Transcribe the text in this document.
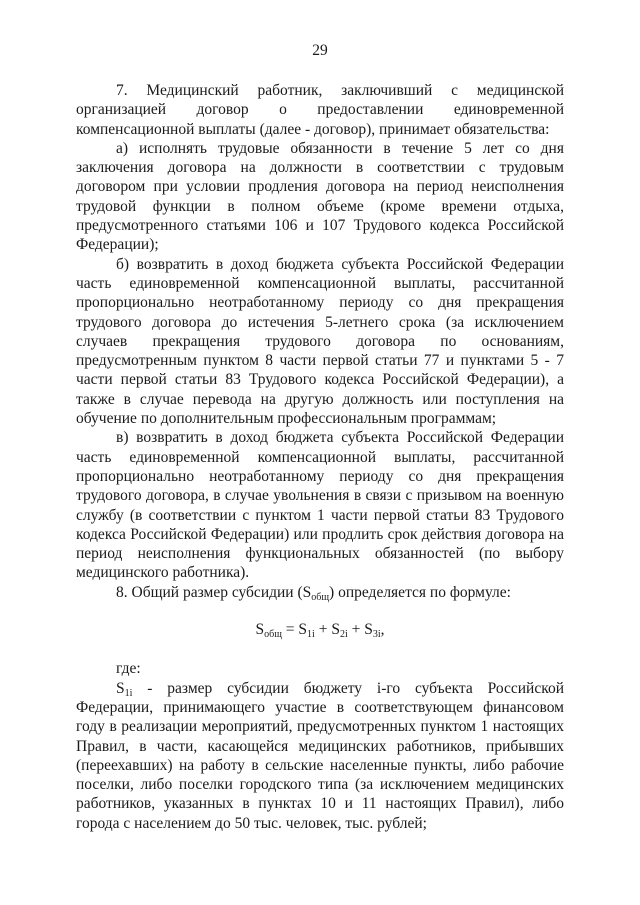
29

7. Медицинский работник, заключивший с медицинской организацией договор о предоставлении единовременной компенсационной выплаты (далее - договор), принимает обязательства:

а) исполнять трудовые обязанности в течение 5 лет со дня заключения договора на должности в соответствии с трудовым договором при условии продления договора на период неисполнения трудовой функции в полном объеме (кроме времени отдыха, предусмотренного статьями 106 и 107 Трудового кодекса Российской Федерации);

б) возвратить в доход бюджета субъекта Российской Федерации часть единовременной компенсационной выплаты, рассчитанной пропорционально неотработанному периоду со дня прекращения трудового договора до истечения 5-летнего срока (за исключением случаев прекращения трудового договора по основаниям, предусмотренным пунктом 8 части первой статьи 77 и пунктами 5 - 7 части первой статьи 83 Трудового кодекса Российской Федерации), а также в случае перевода на другую должность или поступления на обучение по дополнительным профессиональным программам;

в) возвратить в доход бюджета субъекта Российской Федерации часть единовременной компенсационной выплаты, рассчитанной пропорционально неотработанному периоду со дня прекращения трудового договора, в случае увольнения в связи с призывом на военную службу (в соответствии с пунктом 1 части первой статьи 83 Трудового кодекса Российской Федерации) или продлить срок действия договора на период неисполнения функциональных обязанностей (по выбору медицинского работника).

8. Общий размер субсидии $(S_{общ})$ определяется по формуле:

$S_{общ} = S_{1i} + S_{2i} + S_{3i}$,

где:

$S_{1i}$ - размер субсидии бюджету i-го субъекта Российской Федерации, принимающего участие в соответствующем финансовом году в реализации мероприятий, предусмотренных пунктом 1 настоящих Правил, в части, касающейся медицинских работников, прибывших (переехавших) на работу в сельские населенные пункты, либо рабочие поселки, либо поселки городского типа (за исключением медицинских работников, указанных в пунктах 10 и 11 настоящих Правил), либо города с населением до 50 тыс. человек, тыс. рублей;
